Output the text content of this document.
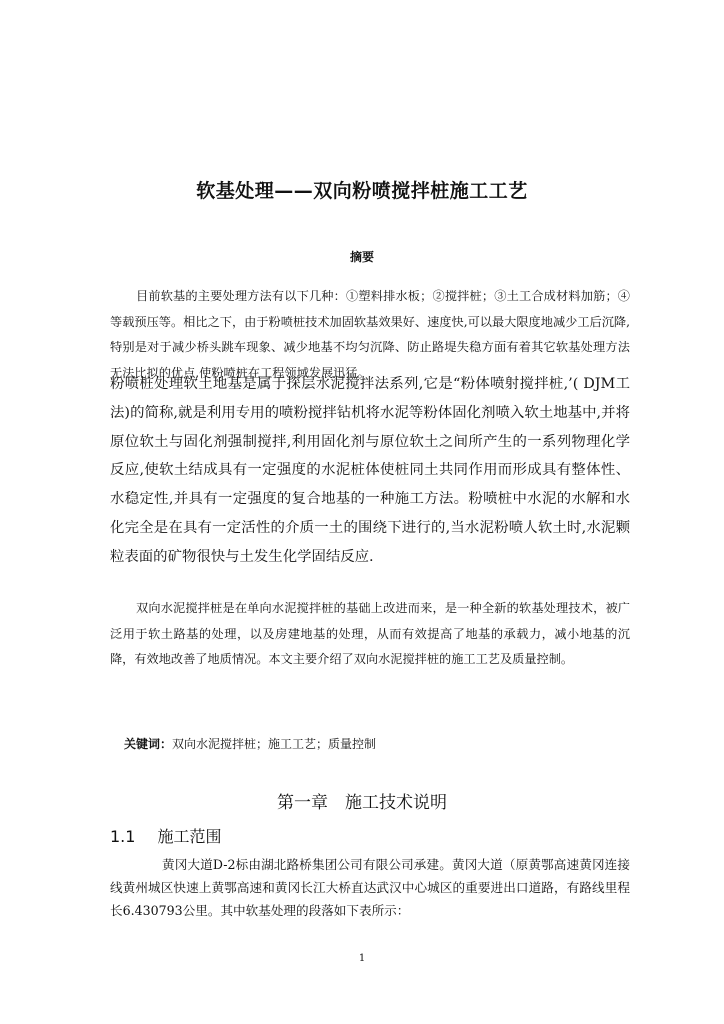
软基处理——双向粉喷搅拌桩施工工艺
摘要

目前软基的主要处理方法有以下几种：①塑料排水板；②搅拌桩；③土工合成材料加筋；④等载预压等。相比之下，由于粉喷桩技术加固软基效果好、速度快,可以最大限度地减少工后沉降,特别是对于减少桥头跳车现象、减少地基不均匀沉降、防止路堤失稳方面有着其它软基处理方法无法比拟的优点,使粉喷桩在工程领域发展迅猛。

粉喷桩处理软土地基是属于探层水泥搅拌法系列,它是“粉体喷射搅拌桩,’( DJM工法)的简称,就是利用专用的喷粉搅拌钻机将水泥等粉体固化剂喷入软土地基中,并将原位软土与固化剂强制搅拌,利用固化剂与原位软土之间所产生的一系列物理化学反应,使软土结成具有一定强度的水泥桩体使桩同土共同作用而形成具有整体性、水稳定性,并具有一定强度的复合地基的一种施工方法。粉喷桩中水泥的水解和水化完全是在具有一定活性的介质一土的围绕下进行的,当水泥粉喷人软土时,水泥颗粒表面的矿物很快与土发生化学固结反应.

双向水泥搅拌桩是在单向水泥搅拌桩的基础上改进而来，是一种全新的软基处理技术，被广泛用于软土路基的处理，以及房建地基的处理，从而有效提高了地基的承载力，减小地基的沉降，有效地改善了地质情况。本文主要介绍了双向水泥搅拌桩的施工工艺及质量控制。

关键词：双向水泥搅拌桩；施工工艺；质量控制
第一章　施工技术说明
1.1 施工范围

黄冈大道D-2标由湖北路桥集团公司有限公司承建。黄冈大道（原黄鄂高速黄冈连接线黄州城区快速上黄鄂高速和黄冈长江大桥直达武汉中心城区的重要进出口道路，有路线里程长6.430793公里。其中软基处理的段落如下表所示：

1
